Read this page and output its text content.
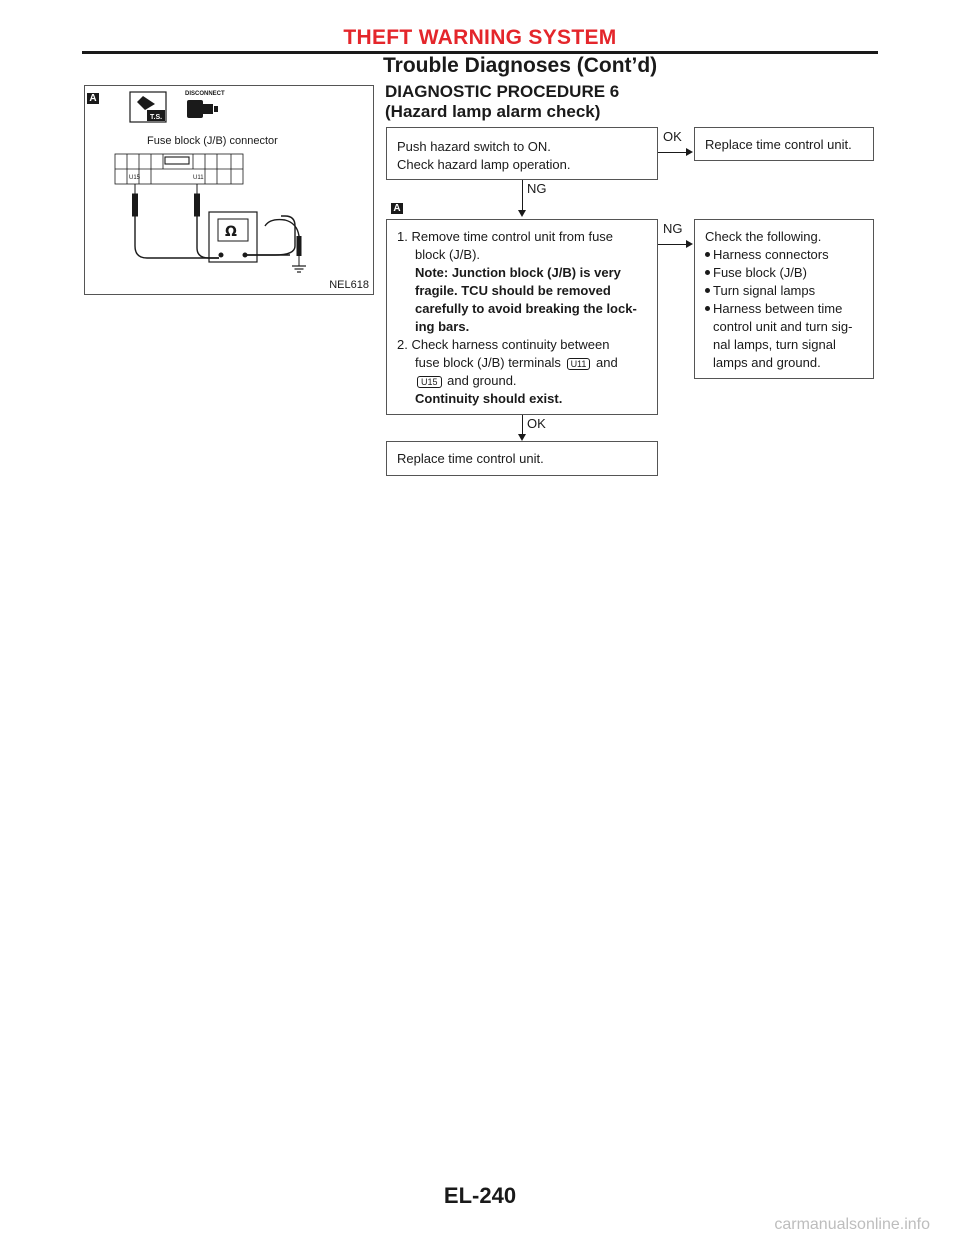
THEFT WARNING SYSTEM
Trouble Diagnoses (Cont’d)
A
T.S.
DISCONNECT
Fuse block (J/B) connector
U15	U11
Ω
NEL618
DIAGNOSTIC PROCEDURE 6
(Hazard lamp alarm check)
Push hazard switch to ON.
Check hazard lamp operation.
OK
Replace time control unit.
NG
A
1. Remove time control unit from fuse
block (J/B).
Note: Junction block (J/B) is very
fragile. TCU should be removed
carefully to avoid breaking the lock-
ing bars.
2. Check harness continuity between
fuse block (J/B) terminals U11 and
U15 and ground.
Continuity should exist.
NG
Check the following.
Harness connectors
Fuse block (J/B)
Turn signal lamps
Harness between time
control unit and turn sig-
nal lamps, turn signal
lamps and ground.
OK
Replace time control unit.
EL-240
carmanualsonline.info
